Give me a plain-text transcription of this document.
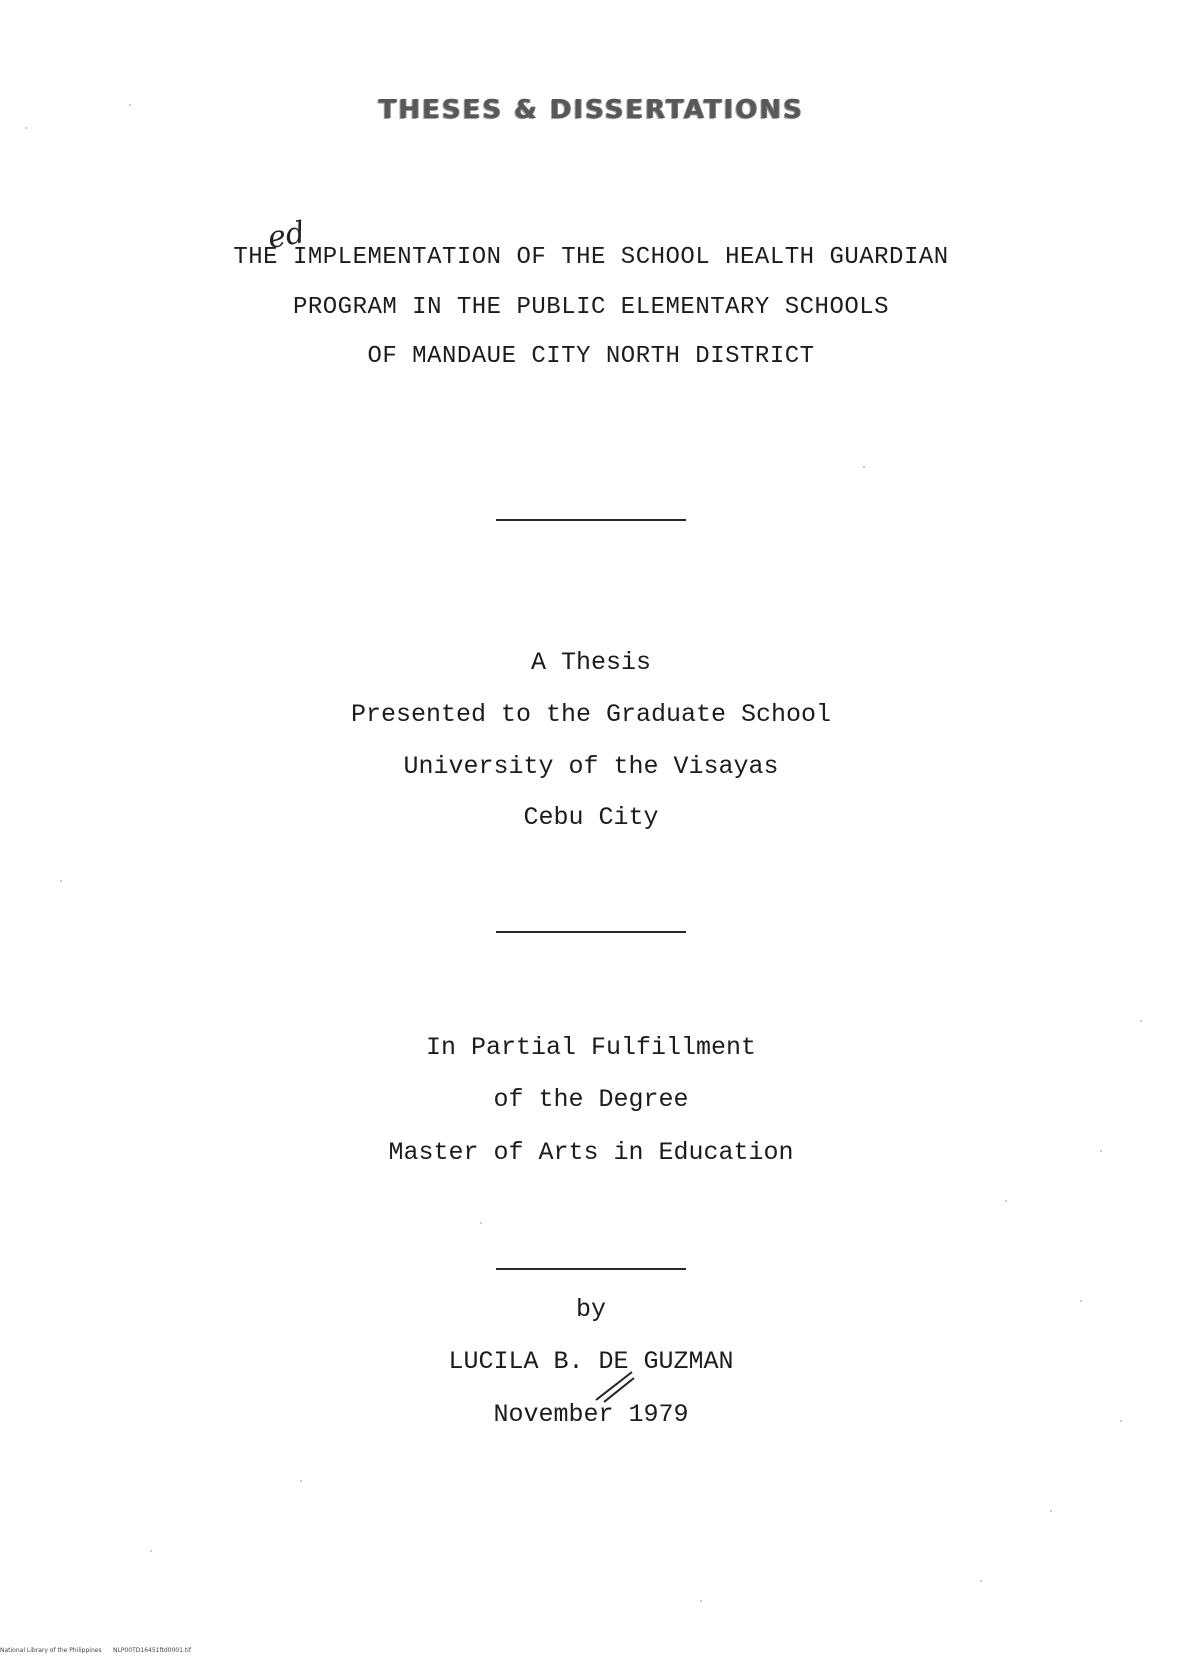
THESES & DISSERTATIONS
ed
THE IMPLEMENTATION OF THE SCHOOL HEALTH GUARDIAN
PROGRAM IN THE PUBLIC ELEMENTARY SCHOOLS
OF MANDAUE CITY NORTH DISTRICT
A Thesis
Presented to the Graduate School
University of the Visayas
Cebu City
In Partial Fulfillment
of the Degree
Master of Arts in Education
by
LUCILA B. DE GUZMAN
November 1979
National Library of the Philippines NLP00TD16451ftd0001.tif
